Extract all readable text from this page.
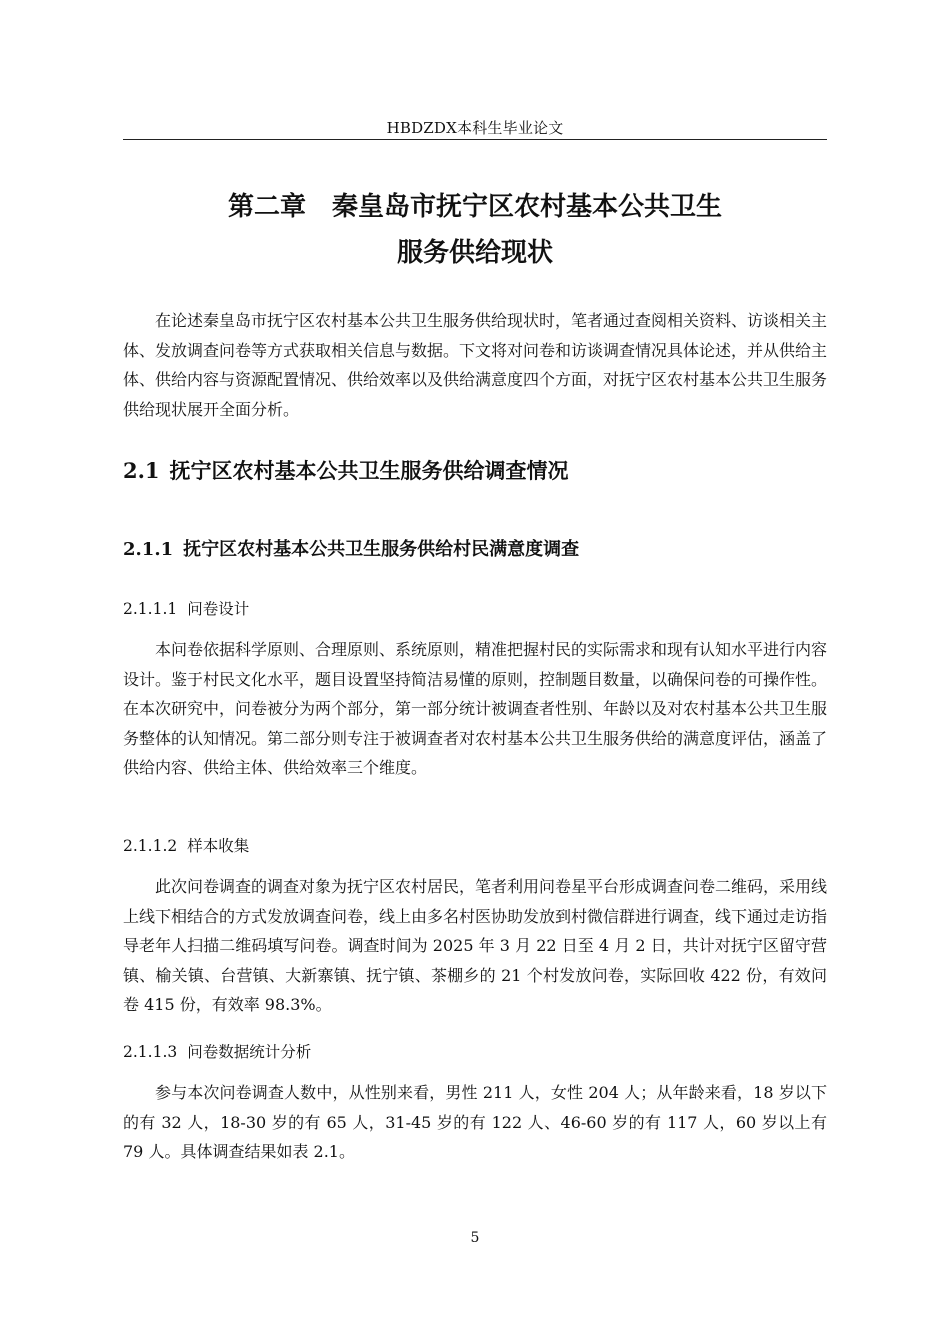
HBDZDX本科生毕业论文
第二章 秦皇岛市抚宁区农村基本公共卫生
服务供给现状

在论述秦皇岛市抚宁区农村基本公共卫生服务供给现状时，笔者通过查阅相关资料、访谈相关主体、发放调查问卷等方式获取相关信息与数据。下文将对问卷和访谈调查情况具体论述，并从供给主体、供给内容与资源配置情况、供给效率以及供给满意度四个方面，对抚宁区农村基本公共卫生服务供给现状展开全面分析。

2.1 抚宁区农村基本公共卫生服务供给调查情况
2.1.1 抚宁区农村基本公共卫生服务供给村民满意度调查
2.1.1.1 问卷设计

本问卷依据科学原则、合理原则、系统原则，精准把握村民的实际需求和现有认知水平进行内容设计。鉴于村民文化水平，题目设置坚持简洁易懂的原则，控制题目数量，以确保问卷的可操作性。在本次研究中，问卷被分为两个部分，第一部分统计被调查者性别、年龄以及对农村基本公共卫生服务整体的认知情况。第二部分则专注于被调查者对农村基本公共卫生服务供给的满意度评估，涵盖了供给内容、供给主体、供给效率三个维度。

2.1.1.2 样本收集

此次问卷调查的调查对象为抚宁区农村居民，笔者利用问卷星平台形成调查问卷二维码，采用线上线下相结合的方式发放调查问卷，线上由多名村医协助发放到村微信群进行调查，线下通过走访指导老年人扫描二维码填写问卷。调查时间为 2025 年 3 月 22 日至 4 月 2 日，共计对抚宁区留守营镇、榆关镇、台营镇、大新寨镇、抚宁镇、茶棚乡的 21 个村发放问卷，实际回收 422 份，有效问卷 415 份，有效率 98.3%。

2.1.1.3 问卷数据统计分析

参与本次问卷调查人数中，从性别来看，男性 211 人，女性 204 人；从年龄来看，18 岁以下的有 32 人，18-30 岁的有 65 人，31-45 岁的有 122 人、46-60 岁的有 117 人，60 岁以上有 79 人。具体调查结果如表 2.1。

5
